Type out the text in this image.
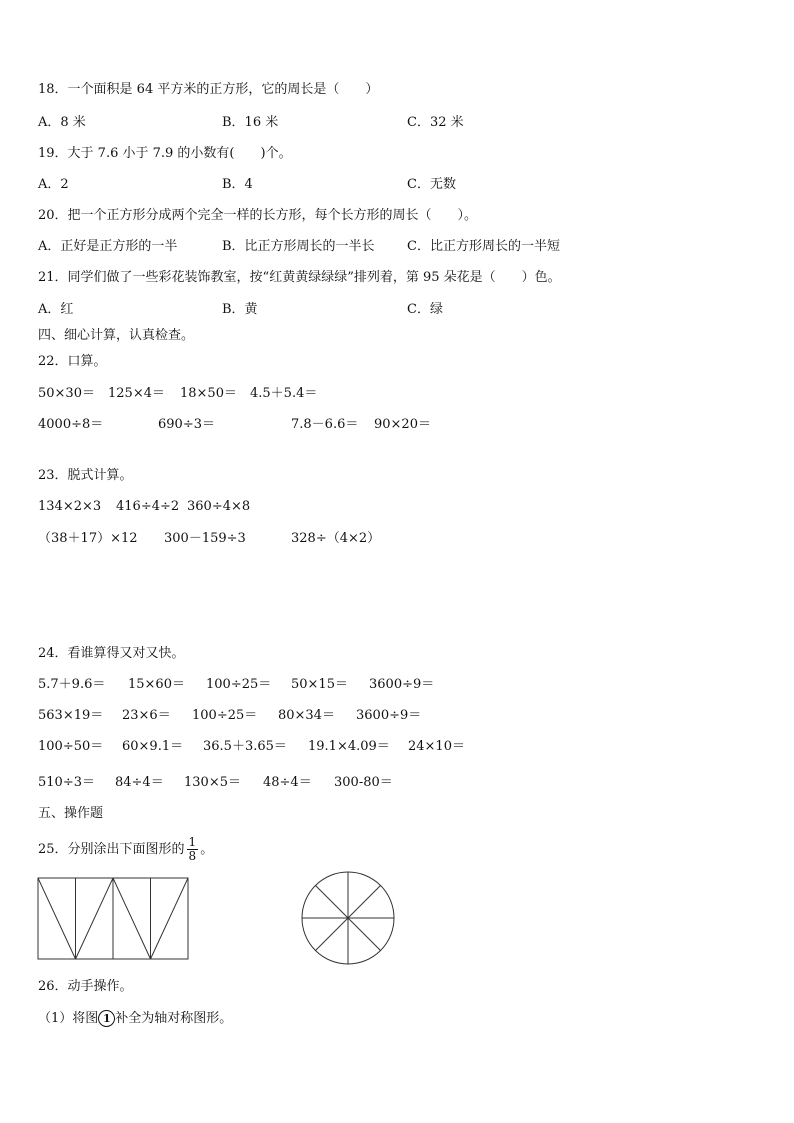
18．一个面积是 64 平方米的正方形，它的周长是（　　）
A．8 米	B．16 米	C．32 米
19．大于 7.6 小于 7.9 的小数有(　　)个。
A．2	B．4	C．无数
20．把一个正方形分成两个完全一样的长方形，每个长方形的周长（　　）。
A．正好是正方形的一半	B．比正方形周长的一半长 C．比正方形周长的一半短
21．同学们做了一些彩花装饰教室，按“红黄黄绿绿绿”排列着，第 95 朵花是（　　）色。
A．红	B．黄	C．绿
四、细心计算，认真检查。
22．口算。
50×30＝ 125×4＝ 18×50＝ 4.5＋5.4＝
4000÷8＝	690÷3＝	7.8－6.6＝ 90×20＝
23．脱式计算。
134×2×3 416÷4÷2 360÷4×8
（38＋17）×12 300－159÷3	328÷（4×2）
24．看谁算得又对又快。
5.7＋9.6＝ 15×60＝ 100÷25＝ 50×15＝ 3600÷9＝
563×19＝ 23×6＝ 100÷25＝ 80×34＝ 3600÷9＝
100÷50＝ 60×9.1＝ 36.5＋3.65＝ 19.1×4.09＝ 24×10＝
510÷3＝ 84÷4＝ 130×5＝ 48÷4＝ 300-80＝
五、操作题
25．分别涂出下面图形的 $\frac{1}{8}$ 。
26．动手操作。
（1）将图 1 补全为轴对称图形。
